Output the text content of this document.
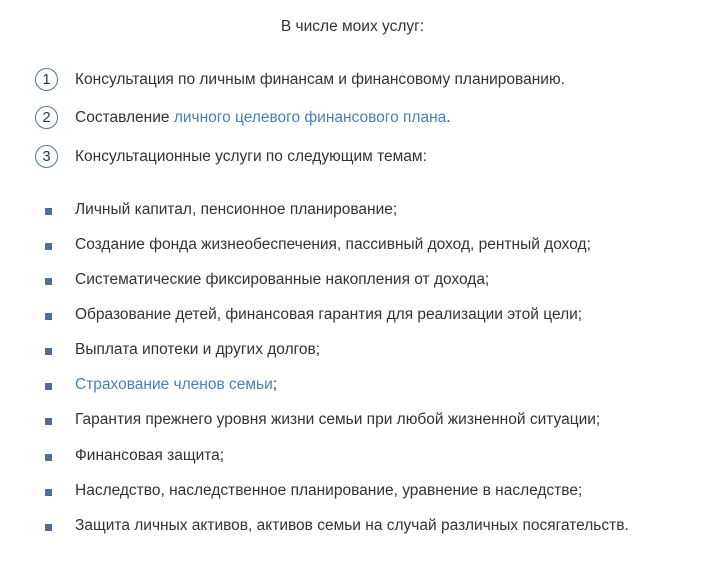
В числе моих услуг:
1	Консультация по личным финансам и финансовому планированию.
2	Составление личного целевого финансового плана.
3	Консультационные услуги по следующим темам:
Личный капитал, пенсионное планирование;
Создание фонда жизнеобеспечения, пассивный доход, рентный доход;
Систематические фиксированные накопления от дохода;
Образование детей, финансовая гарантия для реализации этой цели;
Выплата ипотеки и других долгов;
Страхование членов семьи;
Гарантия прежнего уровня жизни семьи при любой жизненной ситуации;
Финансовая защита;
Наследство, наследственное планирование, уравнение в наследстве;
Защита личных активов, активов семьи на случай различных посягательств.
